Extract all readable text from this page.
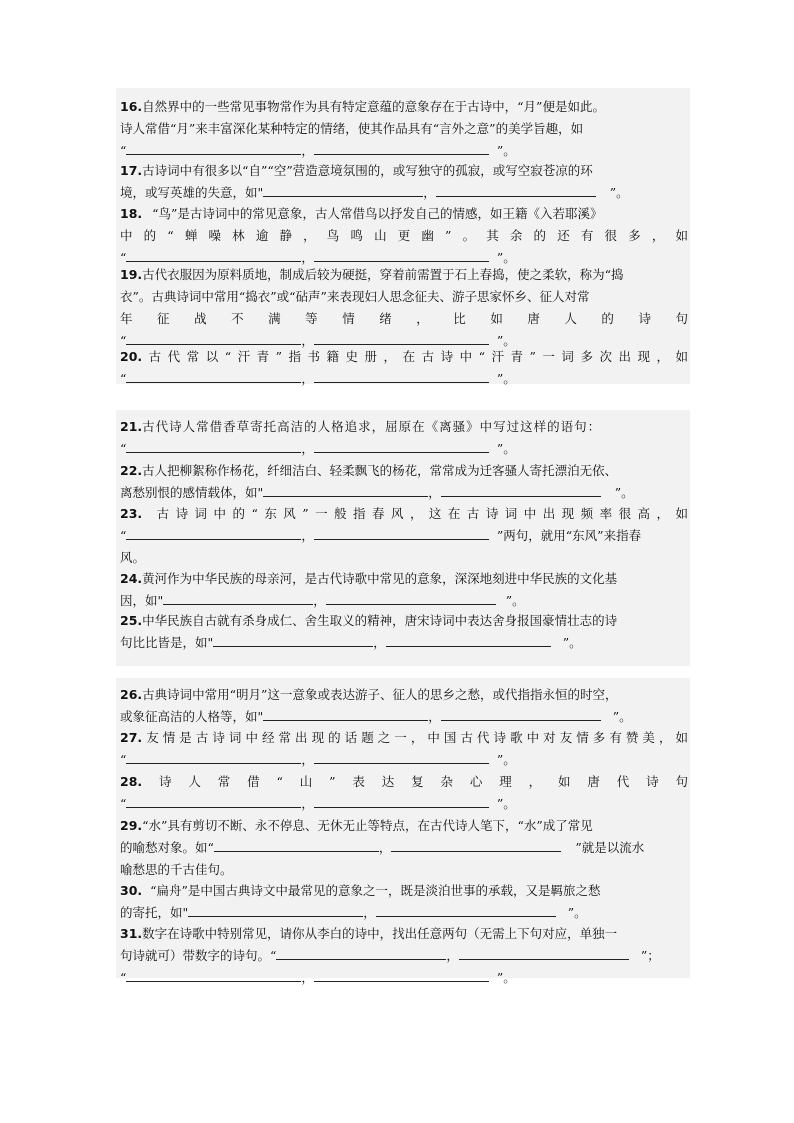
16.自然界中的一些常见事物常作为具有特定意蕴的意象存在于古诗中，“月”便是如此。
诗人常借“月”来丰富深化某种特定的情绪，使其作品具有“言外之意”的美学旨趣，如
“	，	”。
17.古诗词中有很多以“自”“空”营造意境氛围的，或写独守的孤寂，或写空寂苍凉的环
境，或写英雄的失意，如"	，	”。
18. “鸟”是古诗词中的常见意象，古人常借鸟以抒发自己的情感，如王籍《入若耶溪》
中的“蝉噪林逾静，鸟鸣山更幽”。其余的还有很多，如
“	，	”。
19.古代衣服因为原料质地，制成后较为硬挺，穿着前需置于石上春捣，使之柔软，称为“捣
衣”。古典诗词中常用“捣衣”或“砧声”来表现妇人思念征夫、游子思家怀乡、征人对常
年征战不满等情绪，比如唐人的诗句
“	，	”。
20.古代常以“汗青”指书籍史册，在古诗中“汗青”一词多次出现，如
“	，	”。
21.古代诗人常借香草寄托高洁的人格追求，屈原在《离骚》中写过这样的语句：
“	，	”。
22.古人把柳絮称作杨花，纤细洁白、轻柔飘飞的杨花，常常成为迁客骚人寄托漂泊无依、
离愁别恨的感情载体，如"	，	”。
23. 古诗词中的“东风”一般指春风，这在古诗词中出现频率很高，如
“	，	”两句，就用“东风”来指春
风。
24.黄河作为中华民族的母亲河，是古代诗歌中常见的意象，深深地刻进中华民族的文化基
因，如"	，	”。
25.中华民族自古就有杀身成仁、舍生取义的精神，唐宋诗词中表达舍身报国豪情壮志的诗
句比比皆是，如"	，	”。
26.古典诗词中常用“明月”这一意象或表达游子、征人的思乡之愁，或代指指永恒的时空，
或象征高洁的人格等，如"	，	”。
27.友情是古诗词中经常出现的话题之一，中国古代诗歌中对友情多有赞美，如
“	，	”。
28.诗人常借“山”表达复杂心理，如唐代诗句
“	，	”。
29.“水”具有剪切不断、永不停息、无休无止等特点，在古代诗人笔下，“水”成了常见
的喻愁对象。如“	，	”就是以流水
喻愁思的千古佳句。
30. “扁舟”是中国古典诗文中最常见的意象之一，既是淡泊世事的承载，又是羁旅之愁
的寄托，如"	，	”。
31.数字在诗歌中特别常见，请你从李白的诗中，找出任意两句（无需上下句对应，单独一
句诗就可）带数字的诗句。“	，	”；
“	，	”。
